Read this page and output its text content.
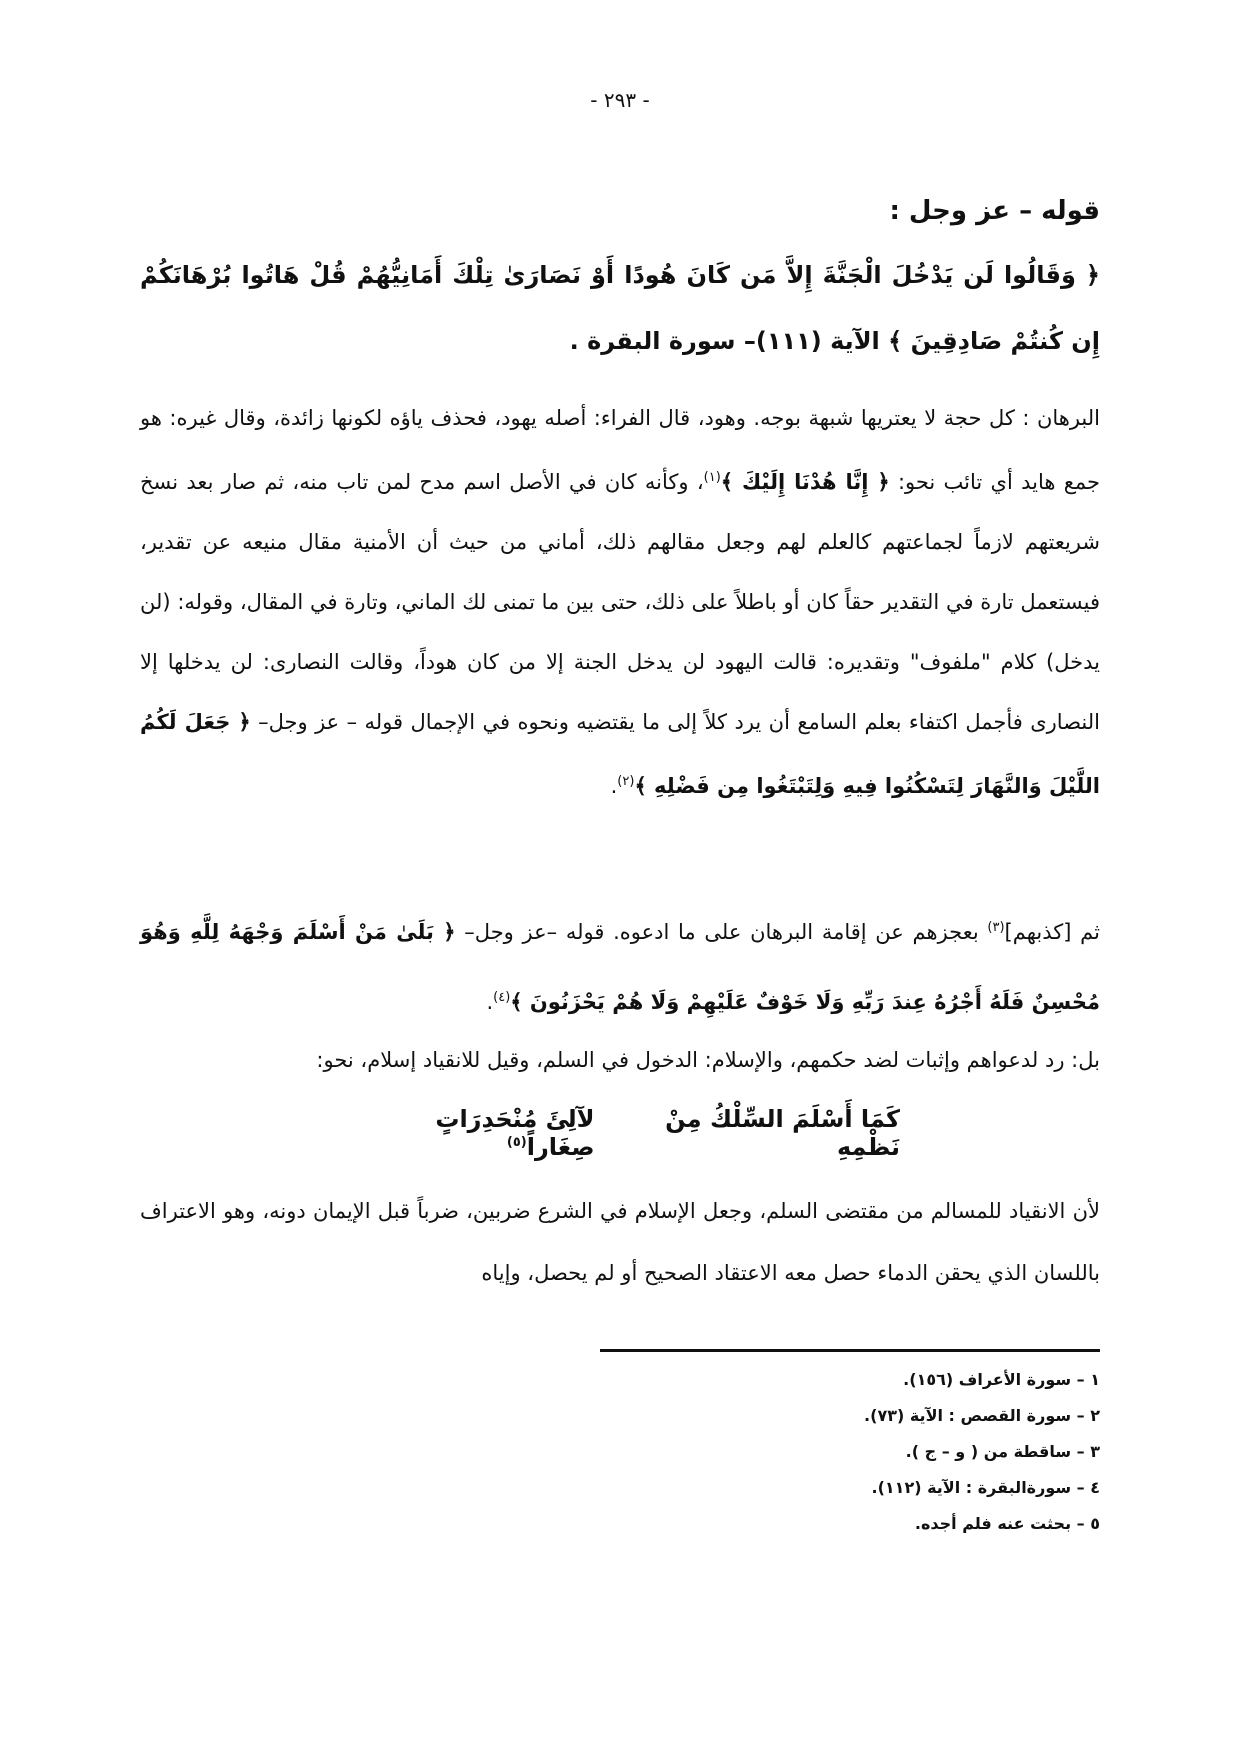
- ٢٩٣ -
قوله – عز وجل :
﴿ وَقَالُوا لَن يَدْخُلَ الْجَنَّةَ إِلاَّ مَن كَانَ هُودًا أَوْ نَصَارَىٰ تِلْكَ أَمَانِيُّهُمْ قُلْ هَاتُوا بُرْهَانَكُمْ إِن كُنتُمْ صَادِقِينَ ﴾ الآية (١١١)– سورة البقرة .
البرهان : كل حجة لا يعتريها شبهة بوجه. وهود، قال الفراء: أصله يهود، فحذف ياؤه لكونها زائدة، وقال غيره: هو جمع هايد أي تائب نحو: ﴿ إِنَّا هُدْنَا إِلَيْكَ ﴾$^{(١)}$، وكأنه كان في الأصل اسم مدح لمن تاب منه، ثم صار بعد نسخ شريعتهم لازماً لجماعتهم كالعلم لهم وجعل مقالهم ذلك، أماني من حيث أن الأمنية مقال منيعه عن تقدير، فيستعمل تارة في التقدير حقاً كان أو باطلاً على ذلك، حتى بين ما تمنى لك الماني، وتارة في المقال، وقوله: (لن يدخل) كلام "ملفوف" وتقديره: قالت اليهود لن يدخل الجنة إلا من كان هوداً، وقالت النصارى: لن يدخلها إلا النصارى فأجمل اكتفاء بعلم السامع أن يرد كلاً إلى ما يقتضيه ونحوه في الإجمال قوله – عز وجل– ﴿ جَعَلَ لَكُمُ اللَّيْلَ وَالنَّهَارَ لِتَسْكُنُوا فِيهِ وَلِتَبْتَغُوا مِن فَضْلِهِ ﴾$^{(٢)}$.
ثم [كذبهم]$^{(٣)}$ بعجزهم عن إقامة البرهان على ما ادعوه. قوله –عز وجل– ﴿ بَلَىٰ مَنْ أَسْلَمَ وَجْهَهُ لِلَّهِ وَهُوَ مُحْسِنٌ فَلَهُ أَجْرُهُ عِندَ رَبِّهِ وَلَا خَوْفٌ عَلَيْهِمْ وَلَا هُمْ يَحْزَنُونَ ﴾$^{(٤)}$.
بل: رد لدعواهم وإثبات لضد حكمهم، والإسلام: الدخول في السلم، وقيل للانقياد إسلام، نحو:
كَمَا أَسْلَمَ السِّلْكُ مِنْ نَظْمِهِ
لآلِئَ مُنْحَدِرَاتٍ صِغَاراً$^{(٥)}$
لأن الانقياد للمسالم من مقتضى السلم، وجعل الإسلام في الشرع ضربين، ضرباً قبل الإيمان دونه، وهو الاعتراف باللسان الذي يحقن الدماء حصل معه الاعتقاد الصحيح أو لم يحصل، وإياه
١ – سورة الأعراف (١٥٦).
٢ – سورة القصص : الآية (٧٣).
٣ – ساقطة من ( و – ج ).
٤ – سورةالبقرة : الآية (١١٢).
٥ – بحثت عنه فلم أجده.
